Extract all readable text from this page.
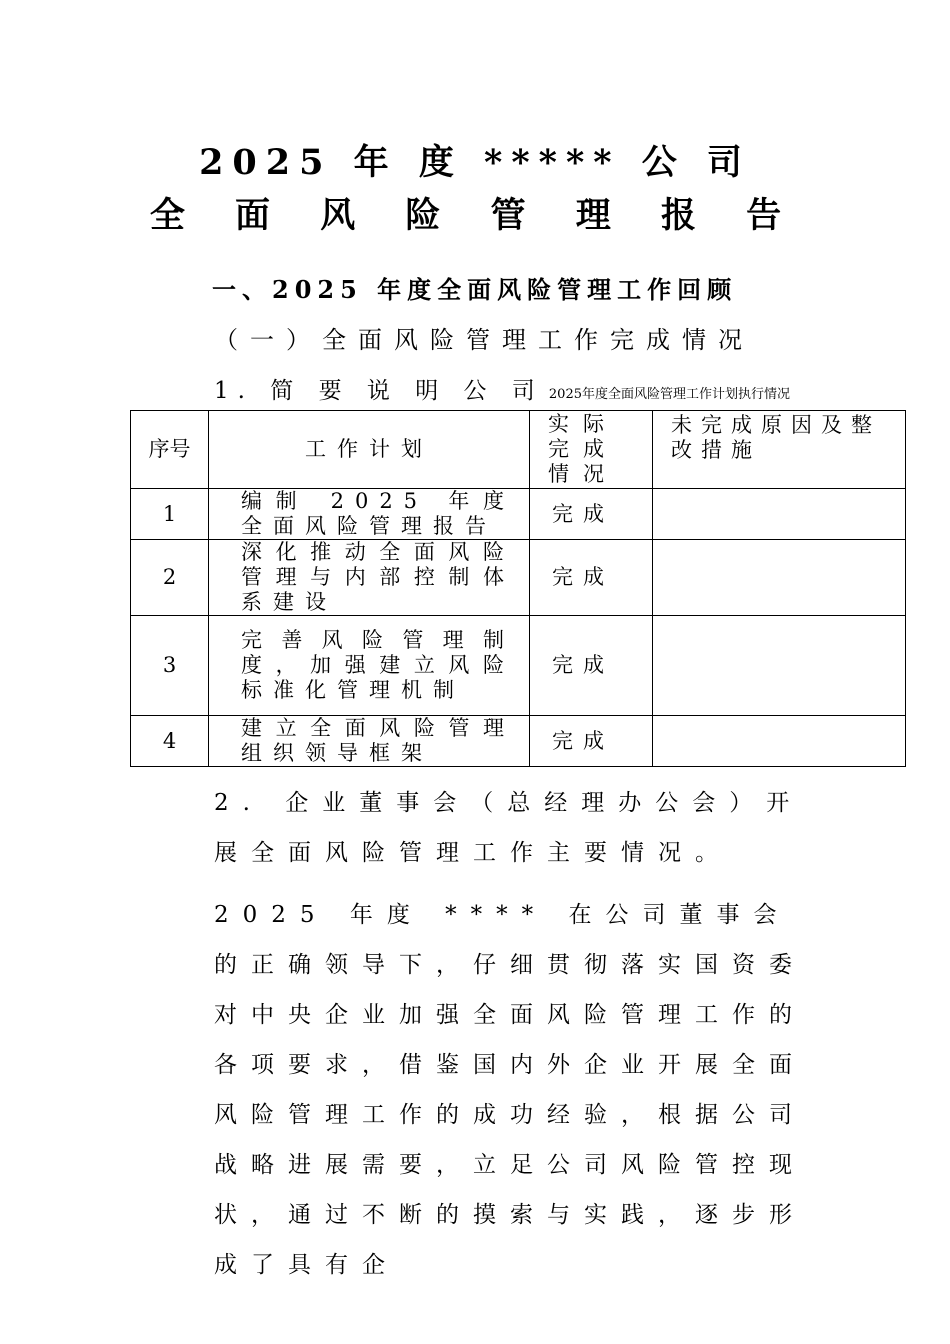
2025 年 度 ***** 公 司
全 面 风 险 管 理 报 告
一、2025 年度全面风险管理工作回顾
（一）全面风险管理工作完成情况
1. 简 要 说 明 公 司 2025年度全面风险管理工作计划执行情况
序号	工作计划	实际完成情况	未完成原因及整改措施
1	编制 2025 年度全面风险管理报告	完成	
2	深化推动全面风险管理与内部控制体系建设	完成	
3	完善风险管理制度，加强建立风险标准化管理机制	完成	
4	建立全面风险管理组织领导框架	完成	
2. 企业董事会（总经理办公会）开展全面风险管理工作主要情况。
2025 年度 **** 在公司董事会的正确领导下，仔细贯彻落实国资委对中央企业加强全面风险管理工作的各项要求，借鉴国内外企业开展全面风险管理工作的成功经验，根据公司战略进展需要，立足公司风险管控现状，通过不断的摸索与实践，逐步形成了具有企
